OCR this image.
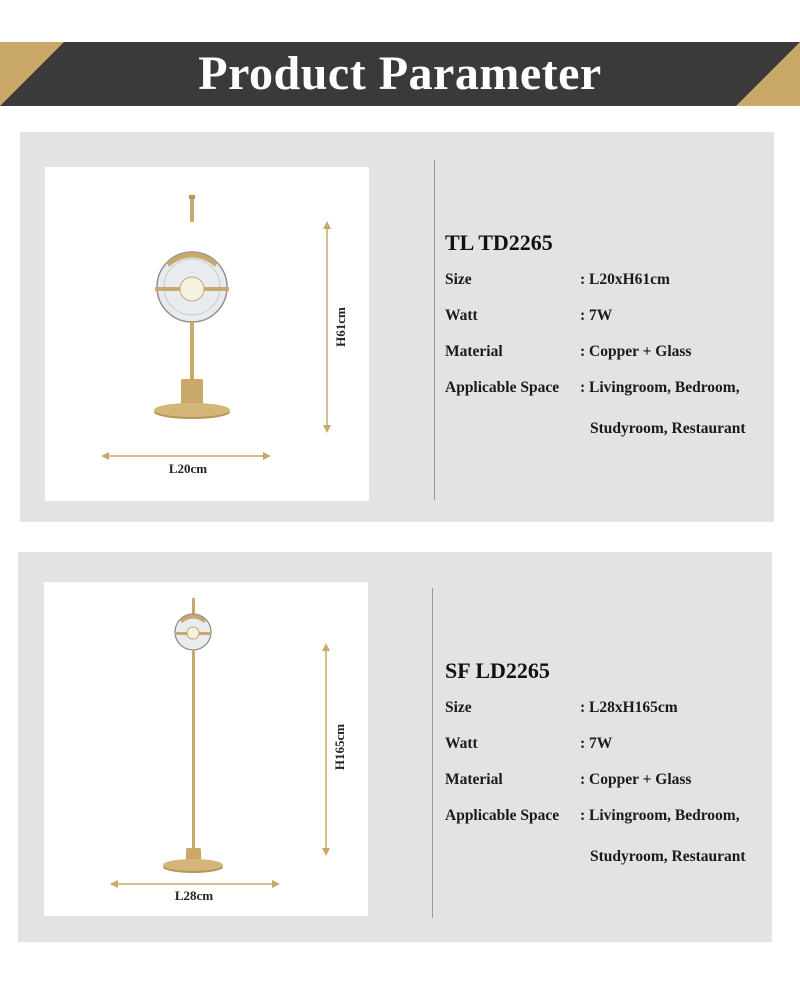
Product Parameter
H61cm
L20cm
TL TD2265
Size	: L20xH61cm
Watt	: 7W
Material	: Copper + Glass
Applicable Space : Livingroom, Bedroom,
Studyroom, Restaurant
H165cm
L28cm
SF LD2265
Size	: L28xH165cm
Watt	: 7W
Material	: Copper + Glass
Applicable Space : Livingroom, Bedroom,
Studyroom, Restaurant
